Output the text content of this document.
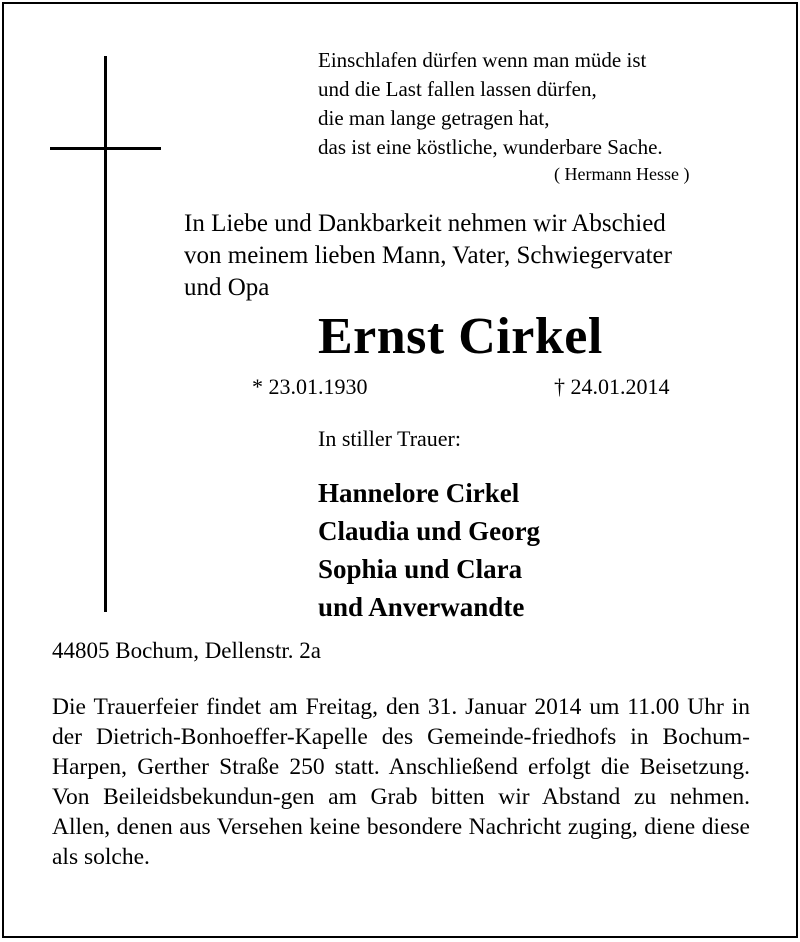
Einschlafen dürfen wenn man müde ist
und die Last fallen lassen dürfen,
die man lange getragen hat,
das ist eine köstliche, wunderbare Sache.
( Hermann Hesse )
In Liebe und Dankbarkeit nehmen wir Abschied
von meinem lieben Mann, Vater, Schwiegervater
und Opa
Ernst Cirkel
* 23.01.1930	† 24.01.2014
In stiller Trauer:
Hannelore Cirkel
Claudia und Georg
Sophia und Clara
und Anverwandte
44805 Bochum, Dellenstr. 2a
Die Trauerfeier findet am Freitag, den 31. Januar 2014 um 11.00 Uhr in der Dietrich-Bonhoeffer-Kapelle des Gemeinde-friedhofs in Bochum-Harpen, Gerther Straße 250 statt. Anschließend erfolgt die Beisetzung. Von Beileidsbekundun-gen am Grab bitten wir Abstand zu nehmen. Allen, denen aus Versehen keine besondere Nachricht zuging, diene diese als solche.
